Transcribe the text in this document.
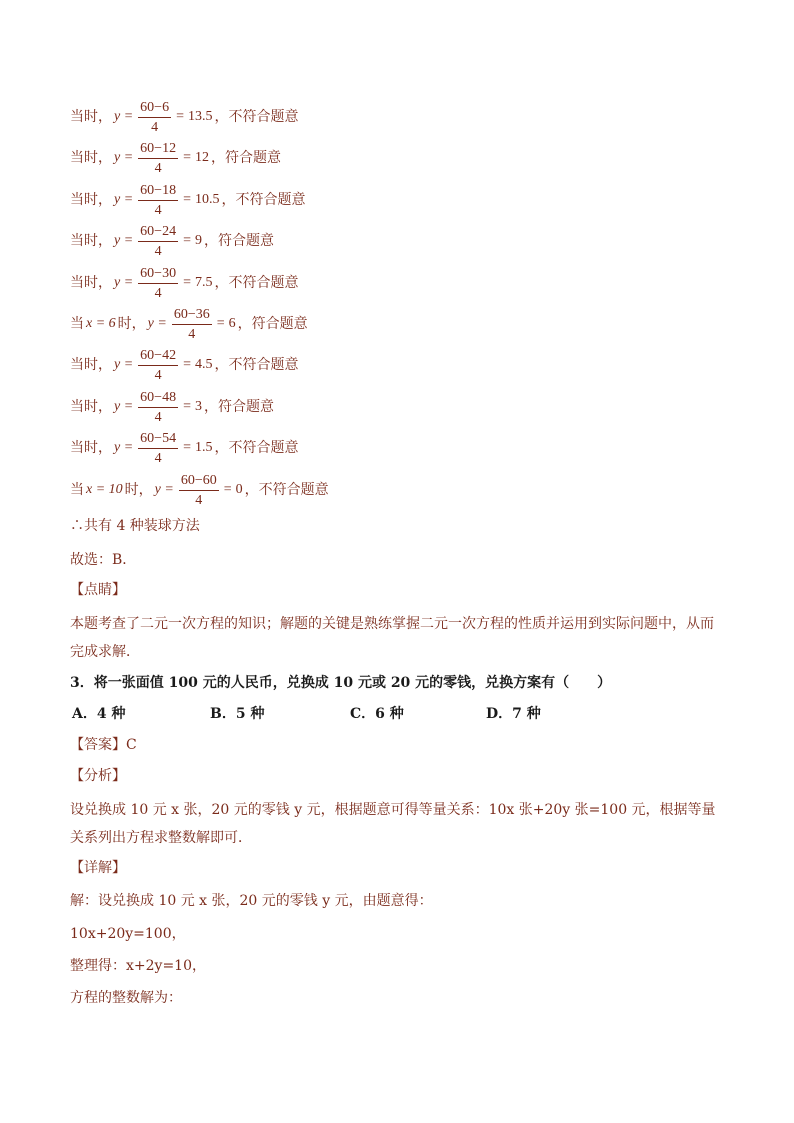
当时， $y = \frac{60-6}{4} = 13.5$ ，不符合题意
当时， $y = \frac{60-12}{4} = 12$ ，符合题意
当时， $y = \frac{60-18}{4} = 10.5$ ，不符合题意
当时， $y = \frac{60-24}{4} = 9$ ，符合题意
当时， $y = \frac{60-30}{4} = 7.5$ ，不符合题意
当 x = 6 时， $y = \frac{60-36}{4} = 6$ ，符合题意
当时， $y = \frac{60-42}{4} = 4.5$ ，不符合题意
当时， $y = \frac{60-48}{4} = 3$ ，符合题意
当时， $y = \frac{60-54}{4} = 1.5$ ，不符合题意
当 x = 10 时， $y = \frac{60-60}{4} = 0$ ，不符合题意
∴共有 4 种装球方法
故选：B．
【点睛】
本题考查了二元一次方程的知识；解题的关键是熟练掌握二元一次方程的性质并运用到实际问题中，从而完成求解．
3．将一张面值 100 元的人民币，兑换成 10 元或 20 元的零钱，兑换方案有（　　）
A．4 种	B．5 种	C．6 种	D．7 种
【答案】 C
【分析】
设兑换成 10 元 x 张，20 元的零钱 y 元，根据题意可得等量关系：10x 张+20y 张=100 元，根据等量关系列出方程求整数解即可．
【详解】
解：设兑换成 10 元 x 张，20 元的零钱 y 元，由题意得：
10x+20y=100，
整理得：x+2y=10，
方程的整数解为：
